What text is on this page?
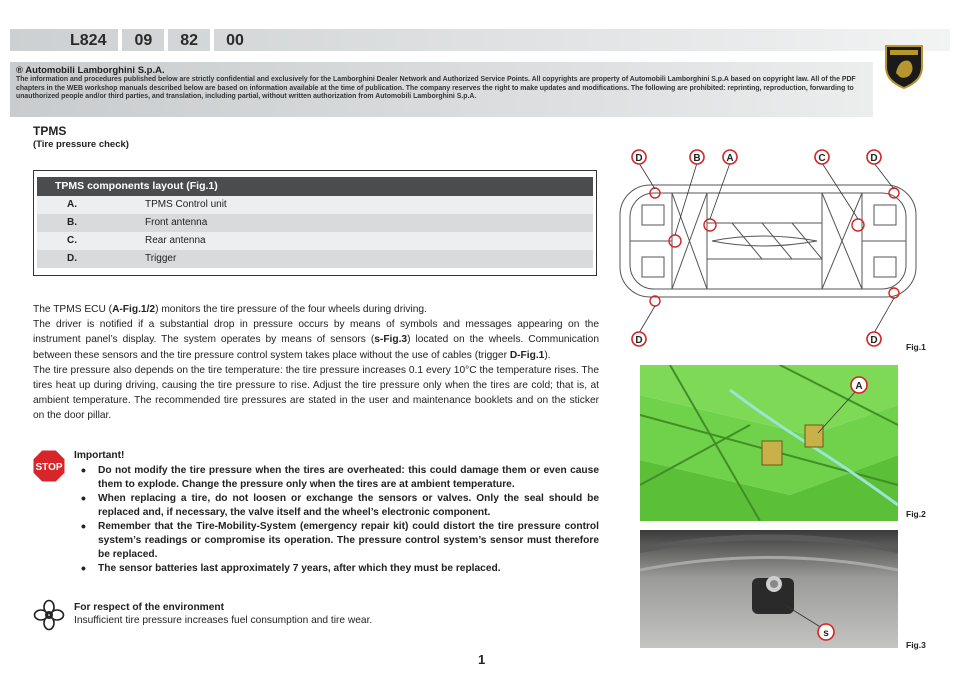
L824	09	82	00
® Automobili Lamborghini S.p.A.
The information and procedures published below are strictly confidential and exclusively for the Lamborghini Dealer Network and Authorized Service Points. All copyrights are property of Automobili Lamborghini S.p.A based on copyright law. All of the PDF chapters in the WEB workshop manuals described below are based on information available at the time of publication. The company reserves the right to make updates and modifications. The following are prohibited: reprinting, reproduction, forwarding to unauthorized people and/or third parties, and translation, including partial, without written authorization from Automobili Lamborghini S.p.A.
TPMS
(Tire pressure check)
TPMS components layout (Fig.1)
A.	TPMS Control unit
B.	Front antenna
C.	Rear antenna
D.	Trigger
The TPMS ECU (A-Fig.1/2) monitors the tire pressure of the four wheels during driving.
The driver is notified if a substantial drop in pressure occurs by means of symbols and messages appearing on the instrument panel’s display. The system operates by means of sensors (s-Fig.3) located on the wheels. Communication between these sensors and the tire pressure control system takes place without the use of cables (trigger D-Fig.1).
The tire pressure also depends on the tire temperature: the tire pressure increases 0.1 every 10°C the temperature rises. The tires heat up during driving, causing the tire pressure to rise. Adjust the tire pressure only when the tires are cold; that is, at ambient temperature. The recommended tire pressures are stated in the user and maintenance booklets and on the sticker on the door pillar.
STOP
Important!
• Do not modify the tire pressure when the tires are overheated: this could damage them or even cause them to explode. Change the pressure only when the tires are at ambient temperature.
• When replacing a tire, do not loosen or exchange the sensors or valves. Only the seal should be replaced and, if necessary, the valve itself and the wheel’s electronic component.
• Remember that the Tire-Mobility-System (emergency repair kit) could distort the tire pressure control system’s readings or compromise its operation. The pressure control system’s sensor must therefore be replaced.
• The sensor batteries last approximately 7 years, after which they must be replaced.
For respect of the environment
Insufficient tire pressure increases fuel consumption and tire wear.
D	B	A	C	D
D	D
Fig.1
A
Fig.2
s
Fig.3
1
